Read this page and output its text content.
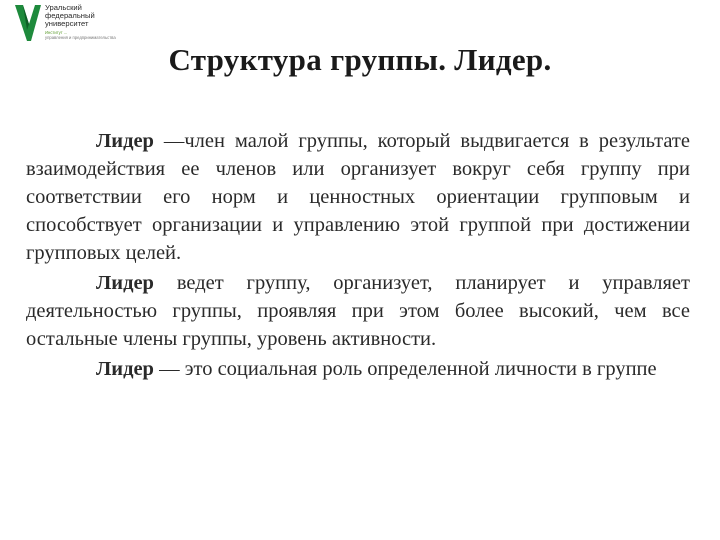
Уральский
федеральный
университет
Институт ...
управления и предпринимательства
Структура группы. Лидер.

Лидер —член малой группы, который выдвигается в результате взаимодействия ее членов или организует вокруг себя группу при соответствии его норм и ценностных ориентации групповым и способствует организации и управлению этой группой при достижении групповых целей.

Лидер ведет группу, организует, планирует и управляет деятельностью группы, проявляя при этом более высокий, чем все остальные члены группы, уровень активности.

Лидер — это социальная роль определенной личности в группе
